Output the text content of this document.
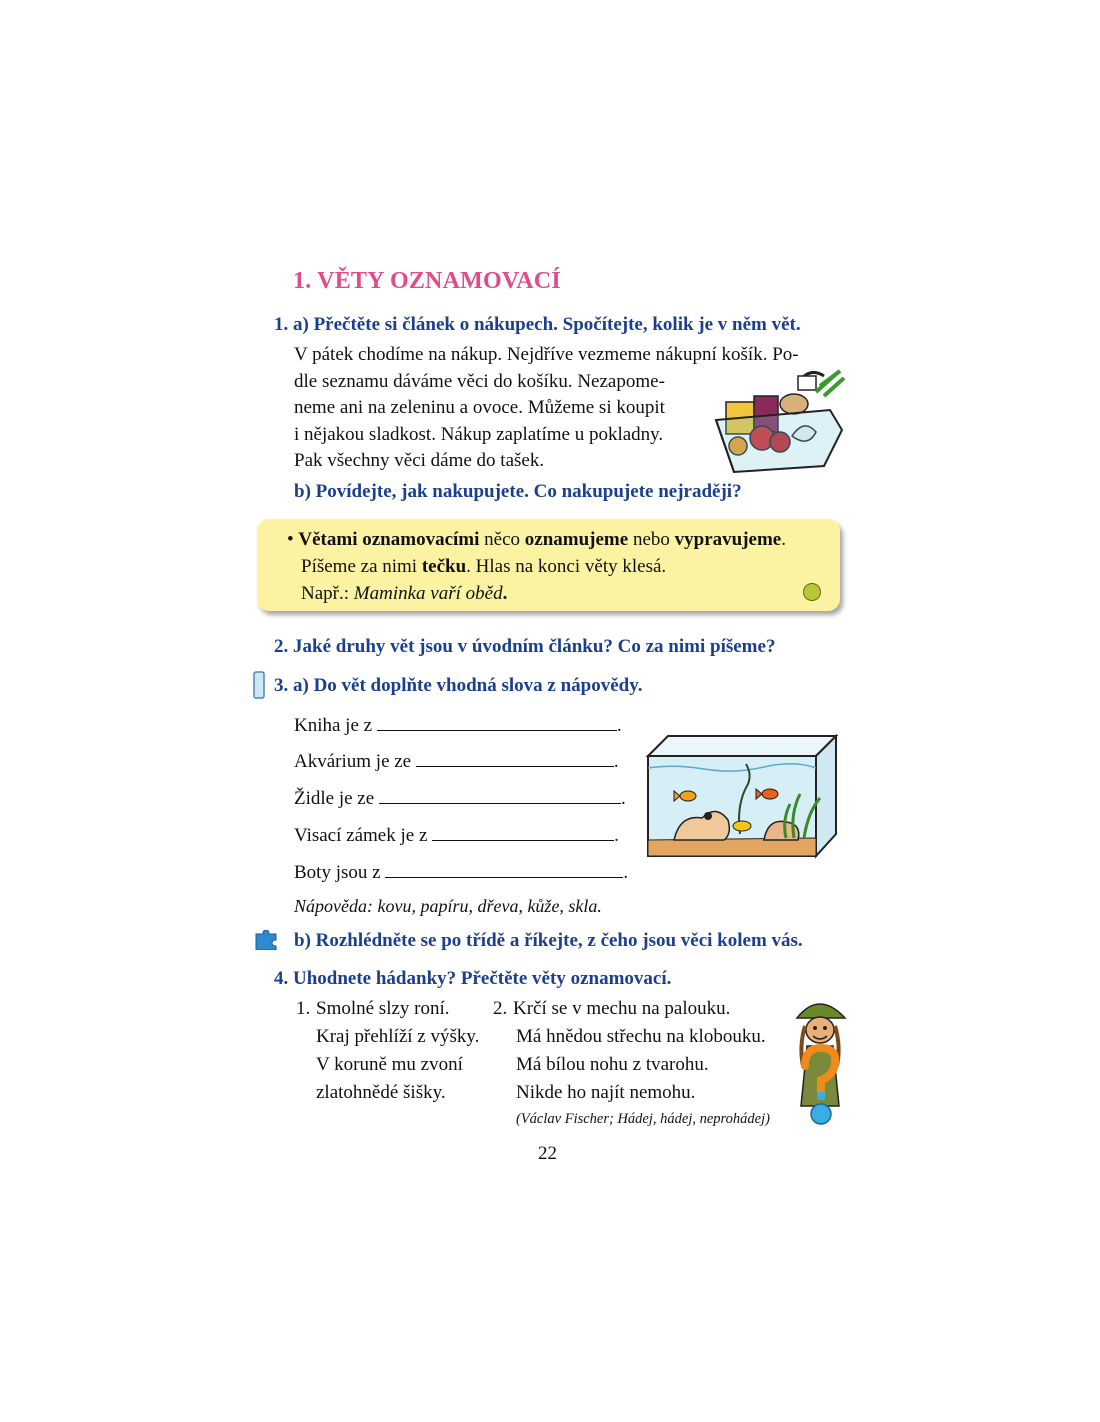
1. VĚTY OZNAMOVACÍ
1. a) Přečtěte si článek o nákupech. Spočítejte, kolik je v něm vět.
V pátek chodíme na nákup. Nejdříve vezmeme nákupní košík. Po-
dle seznamu dáváme věci do košíku. Nezapome-
neme ani na zeleninu a ovoce. Můžeme si koupit
i nějakou sladkost. Nákup zaplatíme u pokladny.
Pak všechny věci dáme do tašek.
b) Povídejte, jak nakupujete. Co nakupujete nejraději?
• Větami oznamovacími něco oznamujeme nebo vypravujeme.
Píšeme za nimi tečku. Hlas na konci věty klesá.
Např.: Maminka vaří oběd.
2. Jaké druhy vět jsou v úvodním článku? Co za nimi píšeme?
3. a) Do vět doplňte vhodná slova z nápovědy.
Kniha je z	.
Akvárium je ze	.
Židle je ze	.
Visací zámek je z	.
Boty jsou z	.
Nápověda: kovu, papíru, dřeva, kůže, skla.
b) Rozhlédněte se po třídě a říkejte, z čeho jsou věci kolem vás.
4. Uhodnete hádanky? Přečtěte věty oznamovací.
1. Smolné slzy roní.
Kraj přehlíží z výšky.
V koruně mu zvoní
zlatohnědé šišky.
2. Krčí se v mechu na palouku.
Má hnědou střechu na klobouku.
Má bílou nohu z tvarohu.
Nikde ho najít nemohu.
(Václav Fischer; Hádej, hádej, neprohádej)
22
